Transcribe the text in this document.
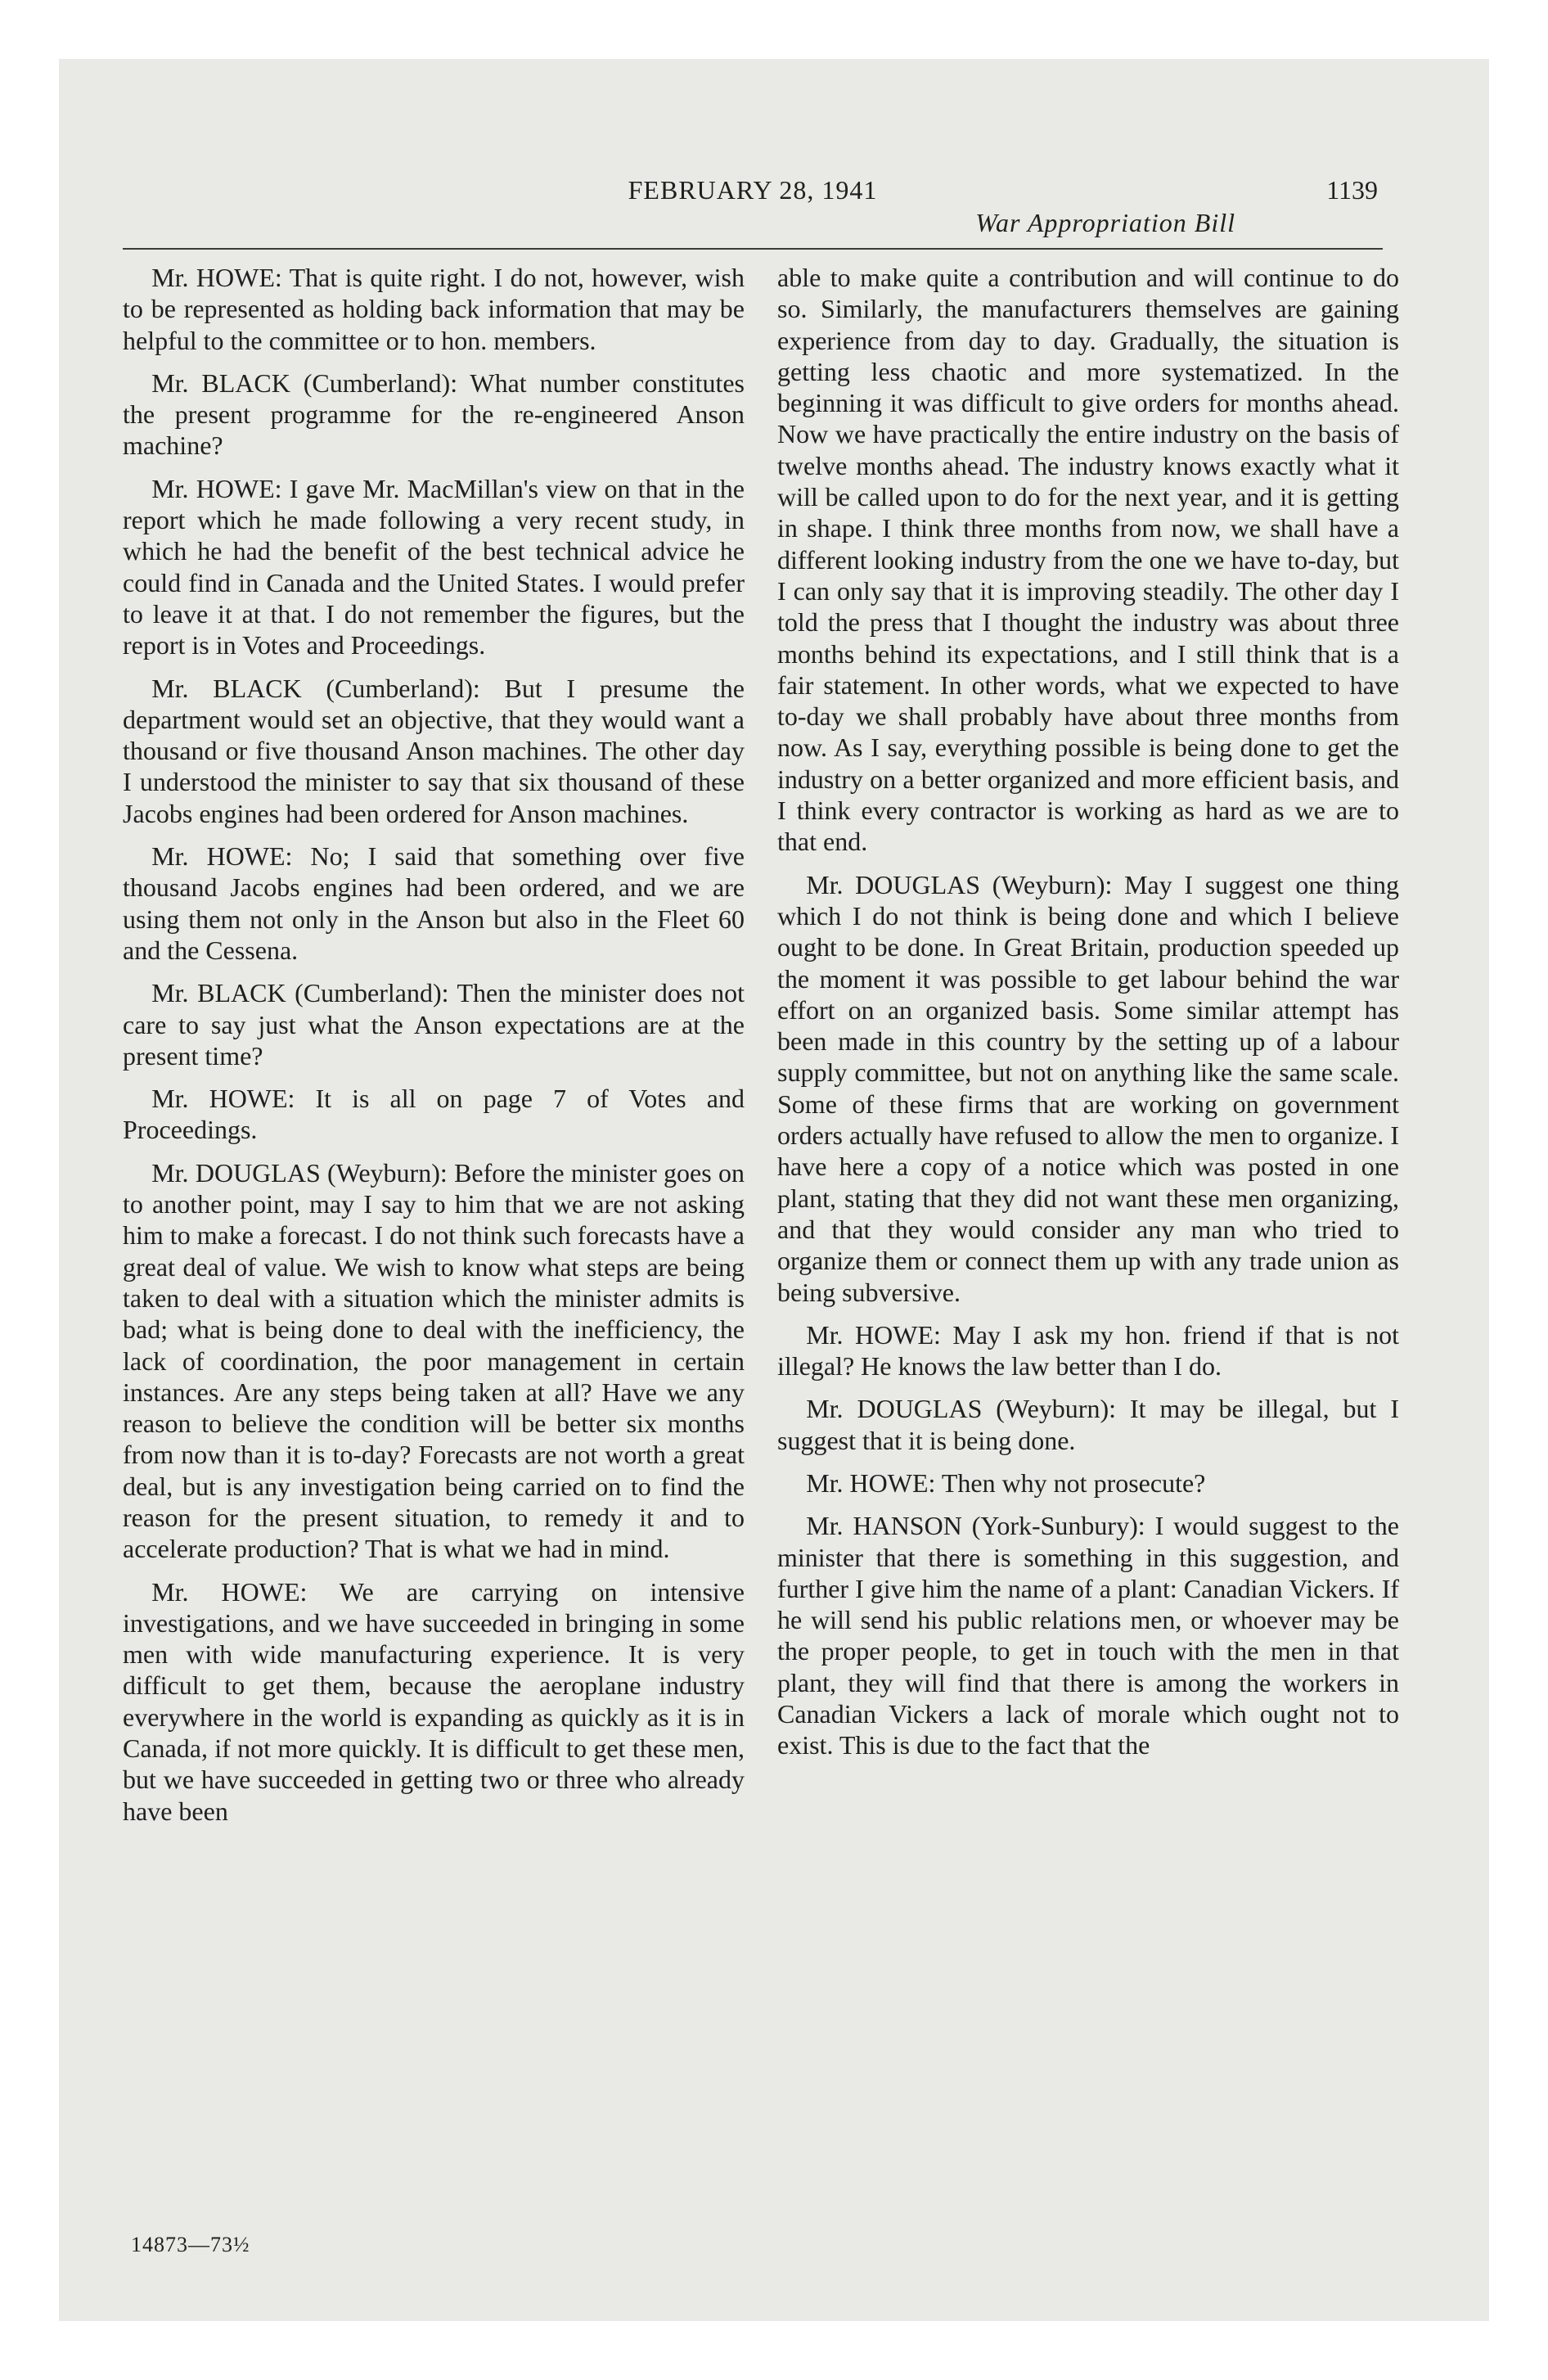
FEBRUARY 28, 1941	1139
War Appropriation Bill

Mr. HOWE: That is quite right. I do not, however, wish to be represented as holding back information that may be helpful to the committee or to hon. members.

Mr. BLACK (Cumberland): What number constitutes the present programme for the re-engineered Anson machine?

Mr. HOWE: I gave Mr. MacMillan's view on that in the report which he made following a very recent study, in which he had the benefit of the best technical advice he could find in Canada and the United States. I would prefer to leave it at that. I do not remember the figures, but the report is in Votes and Proceedings.

Mr. BLACK (Cumberland): But I presume the department would set an objective, that they would want a thousand or five thousand Anson machines. The other day I understood the minister to say that six thousand of these Jacobs engines had been ordered for Anson machines.

Mr. HOWE: No; I said that something over five thousand Jacobs engines had been ordered, and we are using them not only in the Anson but also in the Fleet 60 and the Cessena.

Mr. BLACK (Cumberland): Then the minister does not care to say just what the Anson expectations are at the present time?

Mr. HOWE: It is all on page 7 of Votes and Proceedings.

Mr. DOUGLAS (Weyburn): Before the minister goes on to another point, may I say to him that we are not asking him to make a forecast. I do not think such forecasts have a great deal of value. We wish to know what steps are being taken to deal with a situation which the minister admits is bad; what is being done to deal with the inefficiency, the lack of coordination, the poor management in certain instances. Are any steps being taken at all? Have we any reason to believe the condition will be better six months from now than it is to-day? Forecasts are not worth a great deal, but is any investigation being carried on to find the reason for the present situation, to remedy it and to accelerate production? That is what we had in mind.

Mr. HOWE: We are carrying on intensive investigations, and we have succeeded in bringing in some men with wide manufacturing experience. It is very difficult to get them, because the aeroplane industry everywhere in the world is expanding as quickly as it is in Canada, if not more quickly. It is difficult to get these men, but we have succeeded in getting two or three who already have been

able to make quite a contribution and will continue to do so. Similarly, the manufacturers themselves are gaining experience from day to day. Gradually, the situation is getting less chaotic and more systematized. In the beginning it was difficult to give orders for months ahead. Now we have practically the entire industry on the basis of twelve months ahead. The industry knows exactly what it will be called upon to do for the next year, and it is getting in shape. I think three months from now, we shall have a different looking industry from the one we have to-day, but I can only say that it is improving steadily. The other day I told the press that I thought the industry was about three months behind its expectations, and I still think that is a fair statement. In other words, what we expected to have to-day we shall probably have about three months from now. As I say, everything possible is being done to get the industry on a better organized and more efficient basis, and I think every contractor is working as hard as we are to that end.

Mr. DOUGLAS (Weyburn): May I suggest one thing which I do not think is being done and which I believe ought to be done. In Great Britain, production speeded up the moment it was possible to get labour behind the war effort on an organized basis. Some similar attempt has been made in this country by the setting up of a labour supply committee, but not on anything like the same scale. Some of these firms that are working on government orders actually have refused to allow the men to organize. I have here a copy of a notice which was posted in one plant, stating that they did not want these men organizing, and that they would consider any man who tried to organize them or connect them up with any trade union as being subversive.

Mr. HOWE: May I ask my hon. friend if that is not illegal? He knows the law better than I do.

Mr. DOUGLAS (Weyburn): It may be illegal, but I suggest that it is being done.

Mr. HOWE: Then why not prosecute?

Mr. HANSON (York-Sunbury): I would suggest to the minister that there is something in this suggestion, and further I give him the name of a plant: Canadian Vickers. If he will send his public relations men, or whoever may be the proper people, to get in touch with the men in that plant, they will find that there is among the workers in Canadian Vickers a lack of morale which ought not to exist. This is due to the fact that the

14873—73½
